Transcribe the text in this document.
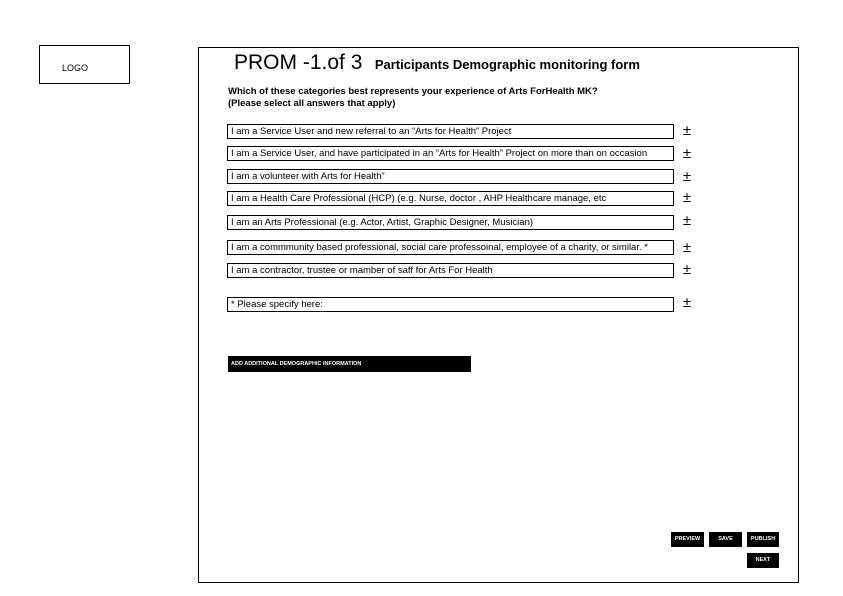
LOGO	PROM -1.of 3 Participants Demographic monitoring form
Which of these categories best represents your experience of Arts ForHealth MK?
(Please select all answers that apply)
I am a Service User and new referral to an “Arts for Health” Project	±
I am a Service User, and have participated in an “Arts for Health” Project on more than on occasion	±
I am a volunteer with Arts for Health”	±
I am a Health Care Professional (HCP) (e.g. Nurse, doctor , AHP Healthcare manage, etc	±
I am an Arts Professional (e.g. Actor, Artist, Graphic Designer, Musician)	±
I am a commmunity based professional, social care professoinal, employee of a charity, or similar. *	±
I am a contractor, trustee or mamber of saff for Arts For Health	±
* Please specify here:	±
ADD ADDITIONAL DEMOGRAPHIC INFORMATION
PREVIEW	SAVE	PUBLISH
NEXT
